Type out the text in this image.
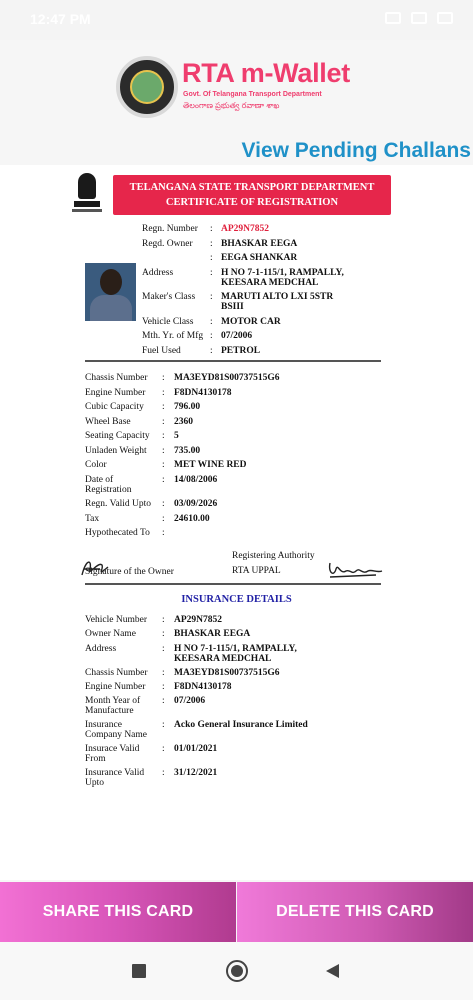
12:47 PM
RTA m-Wallet
Govt. Of Telangana Transport Department
తెలంగాణ ప్రభుత్వ రవాణా శాఖ
View Pending Challans
TELANGANA STATE TRANSPORT DEPARTMENT
CERTIFICATE OF REGISTRATION
Regn. Number : AP29N7852
Regd. Owner : BHASKAR EEGA
: EEGA SHANKAR
Address	: H NO 7-1-115/1, RAMPALLY,
KEESARA MEDCHAL
Maker's Class : MARUTI ALTO LXI 5STR
BSIII
Vehicle Class : MOTOR CAR
Mth. Yr. of Mfg : 07/2006
Fuel Used	: PETROL
Chassis Number : MA3EYD81S00737515G6
Engine Number : F8DN4130178
Cubic Capacity : 796.00
Wheel Base	: 2360
Seating Capacity : 5
Unladen Weight : 735.00
Color	: MET WINE RED
Date of
Registration
: 14/08/2006
Regn. Valid Upto : 03/09/2026
Tax	: 24610.00
Hypothecated To :
Registering Authority
RTA UPPAL
Signature of the Owner
INSURANCE DETAILS
Vehicle Number : AP29N7852
Owner Name	: BHASKAR EEGA
Address	: H NO 7-1-115/1, RAMPALLY,
KEESARA MEDCHAL
Chassis Number : MA3EYD81S00737515G6
Engine Number : F8DN4130178
Month Year of
Manufacture
: 07/2006
Insurance
Company Name
: Acko General Insurance Limited
Insurace Valid
From
: 01/01/2021
Insurance Valid
Upto
: 31/12/2021
SHARE THIS CARD	DELETE THIS CARD
